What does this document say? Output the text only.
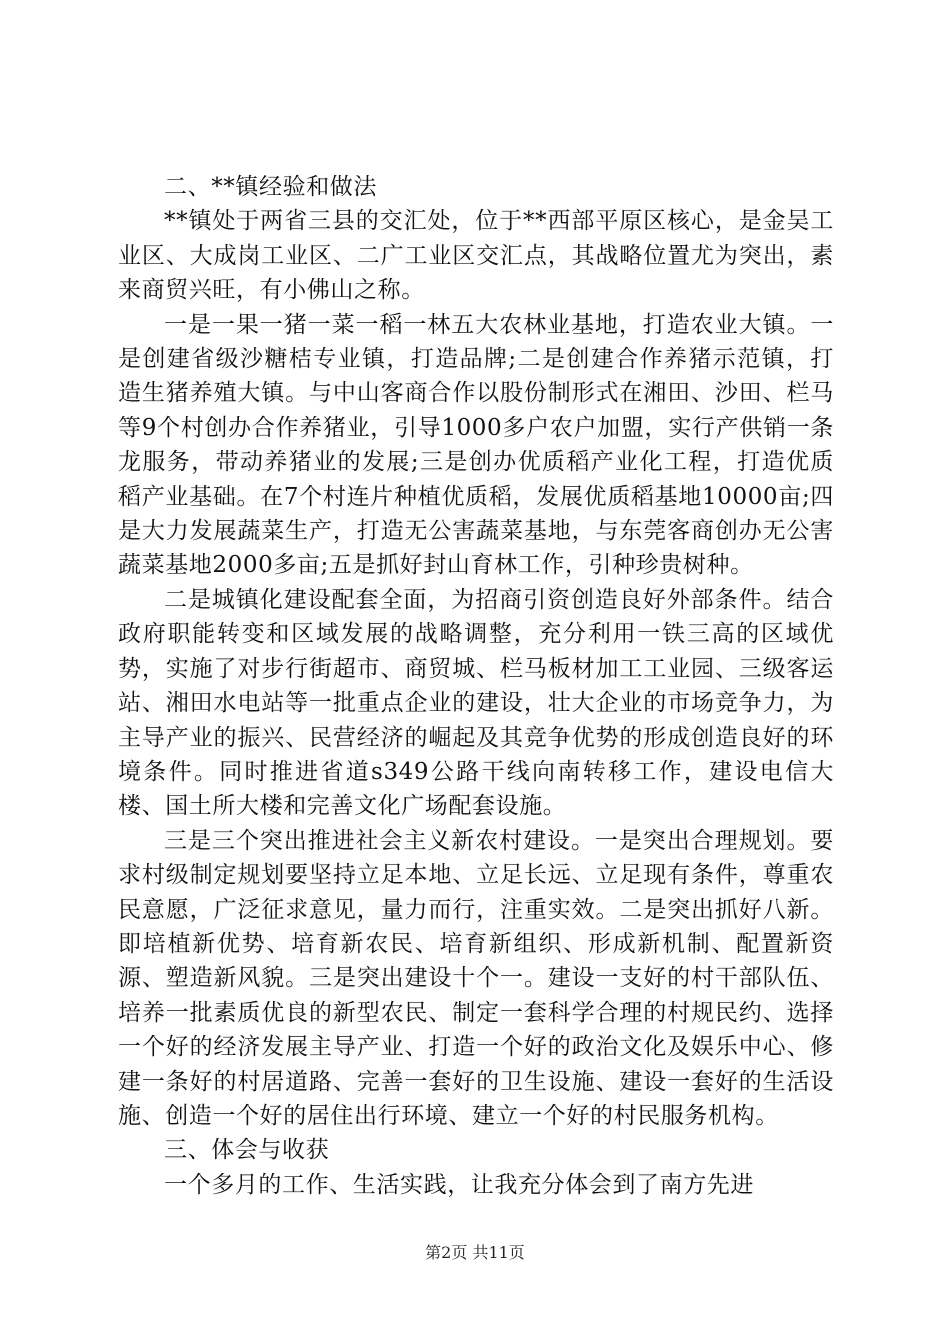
二、**镇经验和做法

**镇处于两省三县的交汇处，位于**西部平原区核心，是金吴工业区、大成岗工业区、二广工业区交汇点，其战略位置尤为突出，素来商贸兴旺，有小佛山之称。

一是一果一猪一菜一稻一林五大农林业基地，打造农业大镇。一是创建省级沙糖桔专业镇，打造品牌;二是创建合作养猪示范镇，打造生猪养殖大镇。与中山客商合作以股份制形式在湘田、沙田、栏马等9个村创办合作养猪业，引导1000多户农户加盟，实行产供销一条龙服务，带动养猪业的发展;三是创办优质稻产业化工程，打造优质稻产业基础。在7个村连片种植优质稻，发展优质稻基地10000亩;四是大力发展蔬菜生产，打造无公害蔬菜基地，与东莞客商创办无公害蔬菜基地2000多亩;五是抓好封山育林工作，引种珍贵树种。

二是城镇化建设配套全面，为招商引资创造良好外部条件。结合政府职能转变和区域发展的战略调整，充分利用一铁三高的区域优势，实施了对步行街超市、商贸城、栏马板材加工工业园、三级客运站、湘田水电站等一批重点企业的建设，壮大企业的市场竞争力，为主导产业的振兴、民营经济的崛起及其竞争优势的形成创造良好的环境条件。同时推进省道s349公路干线向南转移工作，建设电信大楼、国土所大楼和完善文化广场配套设施。

三是三个突出推进社会主义新农村建设。一是突出合理规划。要求村级制定规划要坚持立足本地、立足长远、立足现有条件，尊重农民意愿，广泛征求意见，量力而行，注重实效。二是突出抓好八新。即培植新优势、培育新农民、培育新组织、形成新机制、配置新资源、塑造新风貌。三是突出建设十个一。建设一支好的村干部队伍、培养一批素质优良的新型农民、制定一套科学合理的村规民约、选择一个好的经济发展主导产业、打造一个好的政治文化及娱乐中心、修建一条好的村居道路、完善一套好的卫生设施、建设一套好的生活设施、创造一个好的居住出行环境、建立一个好的村民服务机构。

三、体会与收获

一个多月的工作、生活实践，让我充分体会到了南方先进

第2页 共11页
